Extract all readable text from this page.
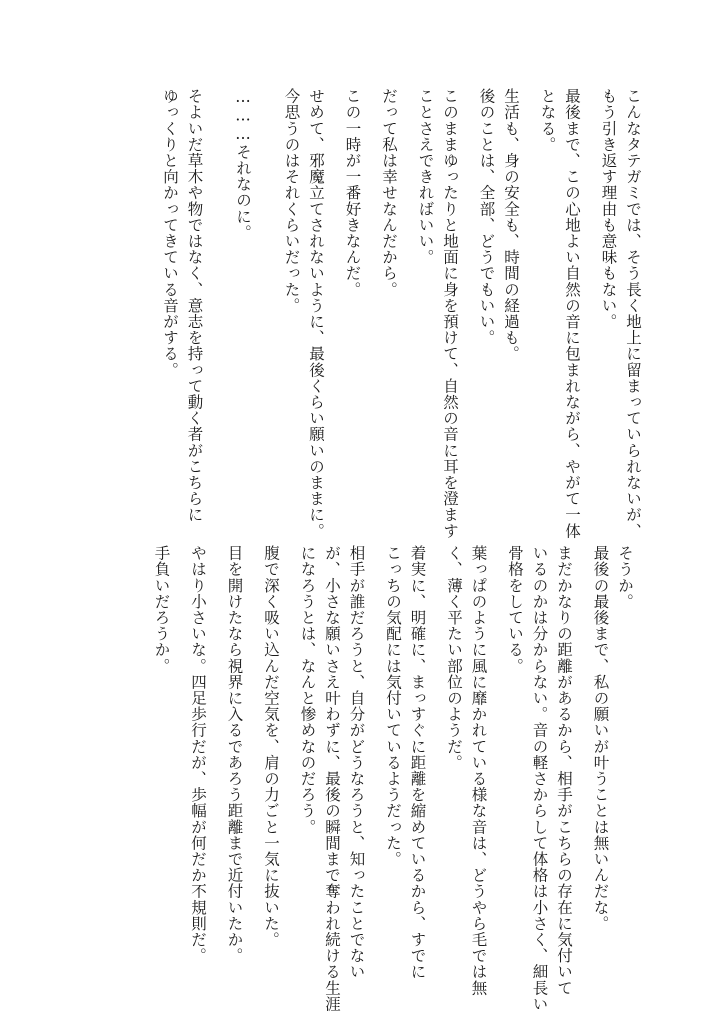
こんなタテガミでは、そう長く地上に留まっていられないが、
もう引き返す理由も意味もない。
最後まで、この心地よい自然の音に包まれながら、やがて一体
となる。
生活も、身の安全も、時間の経過も。
後のことは、全部、どうでもいい。
このままゆったりと地面に身を預けて、自然の音に耳を澄ます
ことさえできればいい。
だって私は幸せなんだから。
この一時が一番好きなんだ。
せめて、邪魔立てされないように、最後くらい願いのままに。
今思うのはそれくらいだった。
………それなのに。
そよいだ草木や物ではなく、意志を持って動く者がこちらに
ゆっくりと向かってきている音がする。
そうか。
最後の最後まで、私の願いが叶うことは無いんだな。
まだかなりの距離があるから、相手がこちらの存在に気付いて
いるのかは分からない。音の軽さからして体格は小さく、細長い
骨格をしている。
葉っぱのように風に靡かれている様な音は、どうやら毛では無
く、薄く平たい部位のようだ。
着実に、明確に、まっすぐに距離を縮めているから、すでに
こっちの気配には気付いているようだった。
相手が誰だろうと、自分がどうなろうと、知ったことでない
が、小さな願いさえ叶わずに、最後の瞬間まで奪われ続ける生涯
になろうとは、なんと惨めなのだろう。
腹で深く吸い込んだ空気を、肩の力ごと一気に抜いた。
目を開けたなら視界に入るであろう距離まで近付いたか。
やはり小さいな。四足歩行だが、歩幅が何だか不規則だ。
手負いだろうか。
